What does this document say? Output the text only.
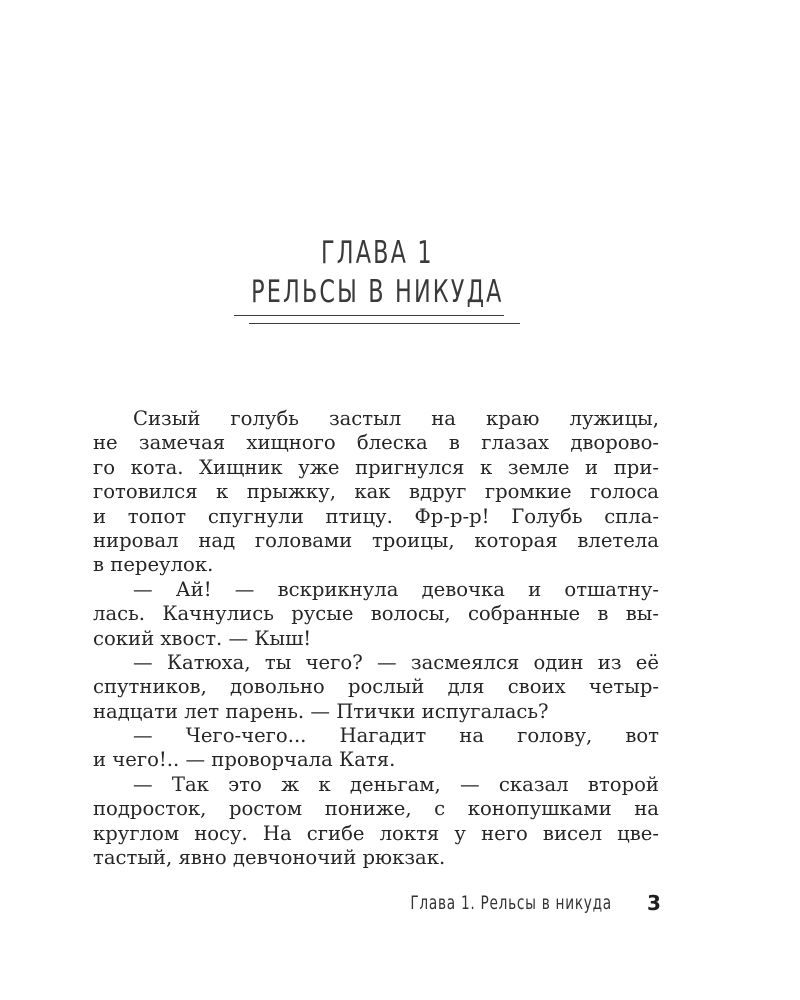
ГЛАВА 1
РЕЛЬСЫ В НИКУДА
Сизый голубь застыл на краю лужицы,
не замечая хищного блеска в глазах дворово-
го кота. Хищник уже пригнулся к земле и при-
готовился к прыжку, как вдруг громкие голоса
и топот спугнули птицу. Фр-р-р! Голубь спла-
нировал над головами троицы, которая влетела
в переулок.
— Ай! — вскрикнула девочка и отшатну-
лась. Качнулись русые волосы, собранные в вы-
сокий хвост. — Кыш!
— Катюха, ты чего? — засмеялся один из её
спутников, довольно рослый для своих четыр-
надцати лет парень. — Птички испугалась?
— Чего-чего... Нагадит на голову, вот
и чего!.. — проворчала Катя.
— Так это ж к деньгам, — сказал второй
подросток, ростом пониже, с конопушками на
круглом носу. На сгибе локтя у него висел цве-
тастый, явно девчоночий рюкзак.
Глава 1. Рельсы в никуда 3
